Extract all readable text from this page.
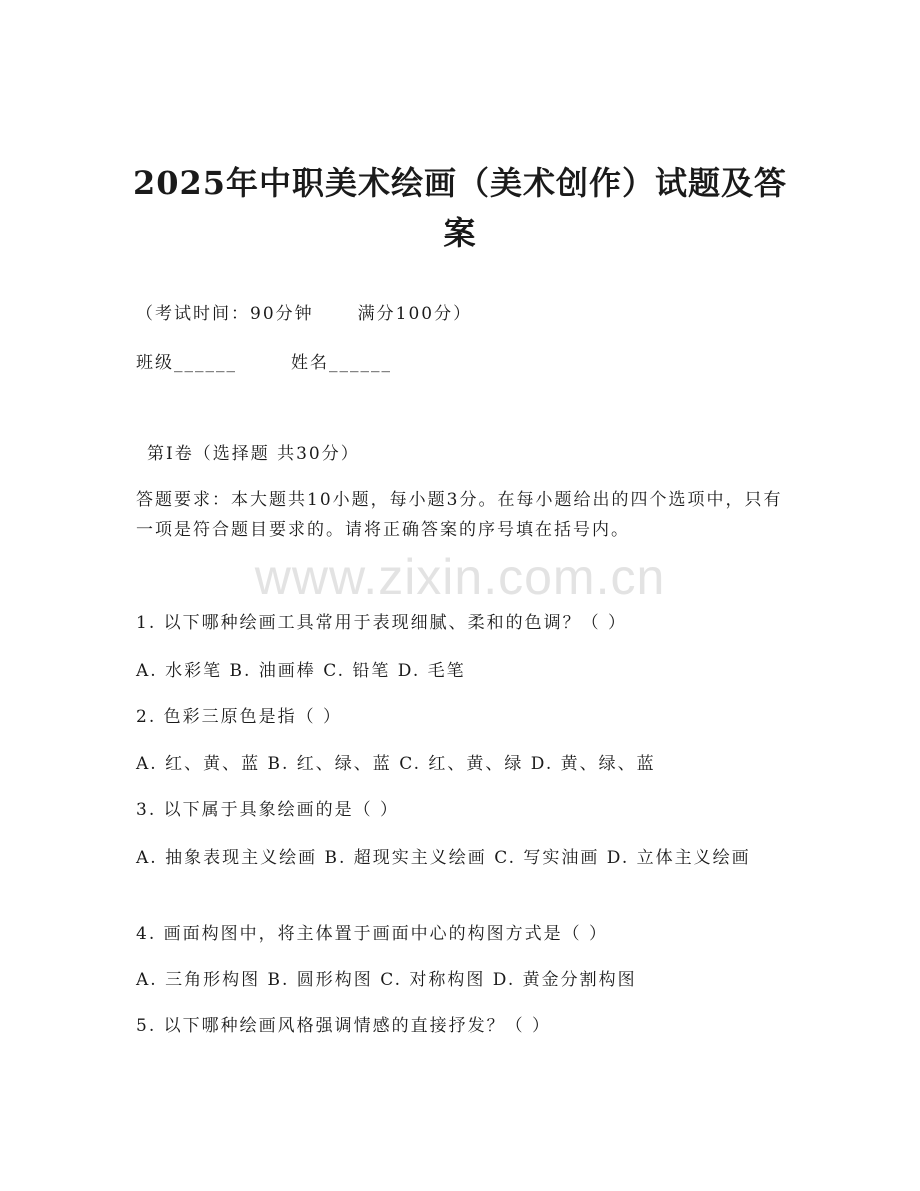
www.zixin.com.cn
2025年中职美术绘画（美术创作）试题及答
案
（考试时间：90分钟	满分100分）
班级______	姓名______
第Ⅰ卷（选择题 共30分）
答题要求：本大题共10小题，每小题3分。在每小题给出的四个选项中，只有一项是符合题目要求的。请将正确答案的序号填在括号内。
1. 以下哪种绘画工具常用于表现细腻、柔和的色调？（ ）
A. 水彩笔 B. 油画棒 C. 铅笔 D. 毛笔
2. 色彩三原色是指（ ）
A. 红、黄、蓝 B. 红、绿、蓝 C. 红、黄、绿 D. 黄、绿、蓝
3. 以下属于具象绘画的是（ ）
A. 抽象表现主义绘画 B. 超现实主义绘画 C. 写实油画 D. 立体主义绘画
4. 画面构图中，将主体置于画面中心的构图方式是（ ）
A. 三角形构图 B. 圆形构图 C. 对称构图 D. 黄金分割构图
5. 以下哪种绘画风格强调情感的直接抒发？（ ）
